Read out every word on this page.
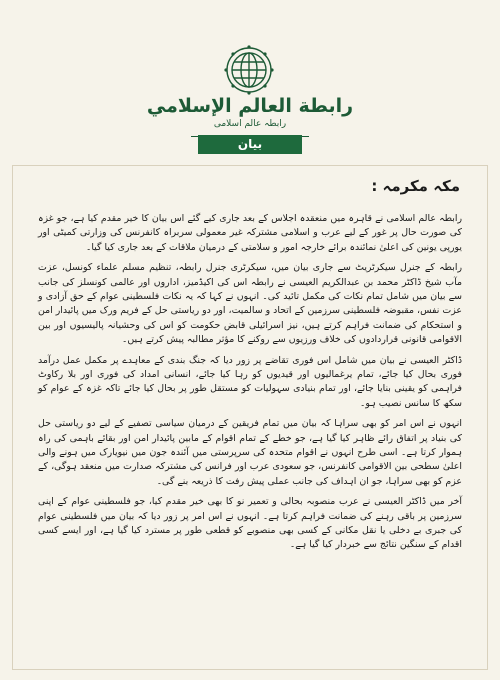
رابطة العالم الإسلامي
رابطہ عالم اسلامی
بیان
مکہ مکرمہ :

رابطہ عالم اسلامی نے قاہرہ میں منعقدہ اجلاس کے بعد جاری کیے گئے اس بیان کا خیر مقدم کیا ہے، جو غزہ کی صورت حال پر غور کے لیے عرب و اسلامی مشترکہ غیر معمولی سربراہ کانفرنس کی وزارتی کمیٹی اور یورپی یونین کی اعلیٰ نمائندہ برائے خارجہ امور و سلامتی کے درمیان ملاقات کے بعد جاری کیا گیا۔

رابطہ کے جنرل سیکرٹریٹ سے جاری بیان میں، سیکرٹری جنرل رابطہ، تنظیم مسلم علماء کونسل، عزت مآب شیخ ڈاکٹر محمد بن عبدالکریم العیسی نے رابطہ اس کی اکیڈمیز، اداروں اور عالمی کونسلز کی جانب سے بیان میں شامل تمام نکات کی مکمل تائید کی۔ انہوں نے کہا کہ یہ نکات فلسطینی عوام کے حق آزادی و عزت نفس، مقبوضہ فلسطینی سرزمین کے اتحاد و سالمیت، اور دو ریاستی حل کے فریم ورک میں پائیدار امن و استحکام کی ضمانت فراہم کرتے ہیں، نیز اسرائیلی قابض حکومت کو اس کی وحشیانہ پالیسیوں اور بین الاقوامی قانونی قراردادوں کی خلاف ورزیوں سے روکنے کا مؤثر مطالبہ پیش کرتے ہیں۔

ڈاکٹر العیسی نے بیان میں شامل اس فوری تقاضے پر زور دیا کہ جنگ بندی کے معاہدے پر مکمل عمل درآمد فوری بحال کیا جائے، تمام یرغمالیوں اور قیدیوں کو رہا کیا جائے، انسانی امداد کی فوری اور بلا رکاوٹ فراہمی کو یقینی بنایا جائے، اور تمام بنیادی سہولیات کو مستقل طور پر بحال کیا جائے تاکہ غزہ کے عوام کو سکھ کا سانس نصیب ہو۔

انہوں نے اس امر کو بھی سراہا کہ بیان میں تمام فریقین کے درمیان سیاسی تصفیے کے لیے دو ریاستی حل کی بنیاد پر اتفاق رائے ظاہر کیا گیا ہے، جو خطے کے تمام اقوام کے مابین پائیدار امن اور بقائے باہمی کی راہ ہموار کرتا ہے۔ اسی طرح انہوں نے اقوام متحدہ کی سرپرستی میں آئندہ جون میں نیویارک میں ہونے والی اعلیٰ سطحی بین الاقوامی کانفرنس، جو سعودی عرب اور فرانس کی مشترکہ صدارت میں منعقد ہوگی، کے عزم کو بھی سراہا، جو ان اہداف کی جانب عملی پیش رفت کا ذریعہ بنے گی۔

آخر میں ڈاکٹر العیسی نے عرب منصوبہ بحالی و تعمیر نو کا بھی خیر مقدم کیا، جو فلسطینی عوام کے اپنی سرزمین پر باقی رہنے کی ضمانت فراہم کرتا ہے۔ انہوں نے اس امر پر زور دیا کہ بیان میں فلسطینی عوام کی جبری بے دخلی یا نقل مکانی کے کسی بھی منصوبے کو قطعی طور پر مسترد کیا گیا ہے، اور ایسے کسی اقدام کے سنگین نتائج سے خبردار کیا گیا ہے۔
